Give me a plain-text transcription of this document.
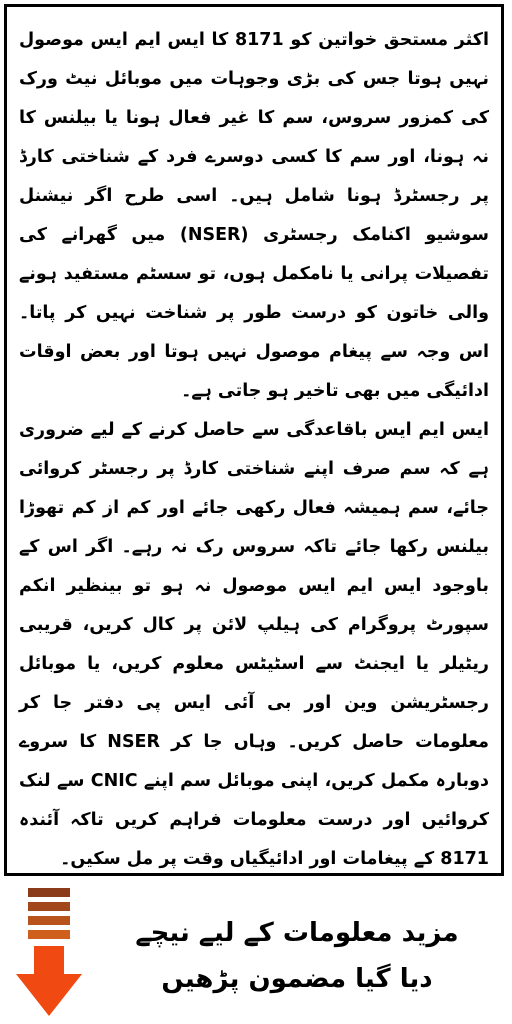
اکثر مستحق خواتین کو 8171 کا ایس ایم ایس موصول نہیں ہوتا جس کی بڑی وجوہات میں موبائل نیٹ ورک کی کمزور سروس، سم کا غیر فعال ہونا یا بیلنس کا نہ ہونا، اور سم کا کسی دوسرے فرد کے شناختی کارڈ پر رجسٹرڈ ہونا شامل ہیں۔ اسی طرح اگر نیشنل سوشیو اکنامک رجسٹری (NSER) میں گھرانے کی تفصیلات پرانی یا نامکمل ہوں، تو سسٹم مستفید ہونے والی خاتون کو درست طور پر شناخت نہیں کر پاتا۔ اس وجہ سے پیغام موصول نہیں ہوتا اور بعض اوقات ادائیگی میں بھی تاخیر ہو جاتی ہے۔

ایس ایم ایس باقاعدگی سے حاصل کرنے کے لیے ضروری ہے کہ سم صرف اپنے شناختی کارڈ پر رجسٹر کروائی جائے، سم ہمیشہ فعال رکھی جائے اور کم از کم تھوڑا بیلنس رکھا جائے تاکہ سروس رک نہ رہے۔ اگر اس کے باوجود ایس ایم ایس موصول نہ ہو تو بینظیر انکم سپورٹ پروگرام کی ہیلپ لائن پر کال کریں، قریبی ریٹیلر یا ایجنٹ سے اسٹیٹس معلوم کریں، یا موبائل رجسٹریشن وین اور بی آئی ایس پی دفتر جا کر معلومات حاصل کریں۔ وہاں جا کر NSER کا سروے دوبارہ مکمل کریں، اپنی موبائل سم اپنے CNIC سے لنک کروائیں اور درست معلومات فراہم کریں تاکہ آئندہ 8171 کے پیغامات اور ادائیگیاں وقت پر مل سکیں۔

مزید معلومات کے لیے نیچے
دیا گیا مضمون پڑھیں
